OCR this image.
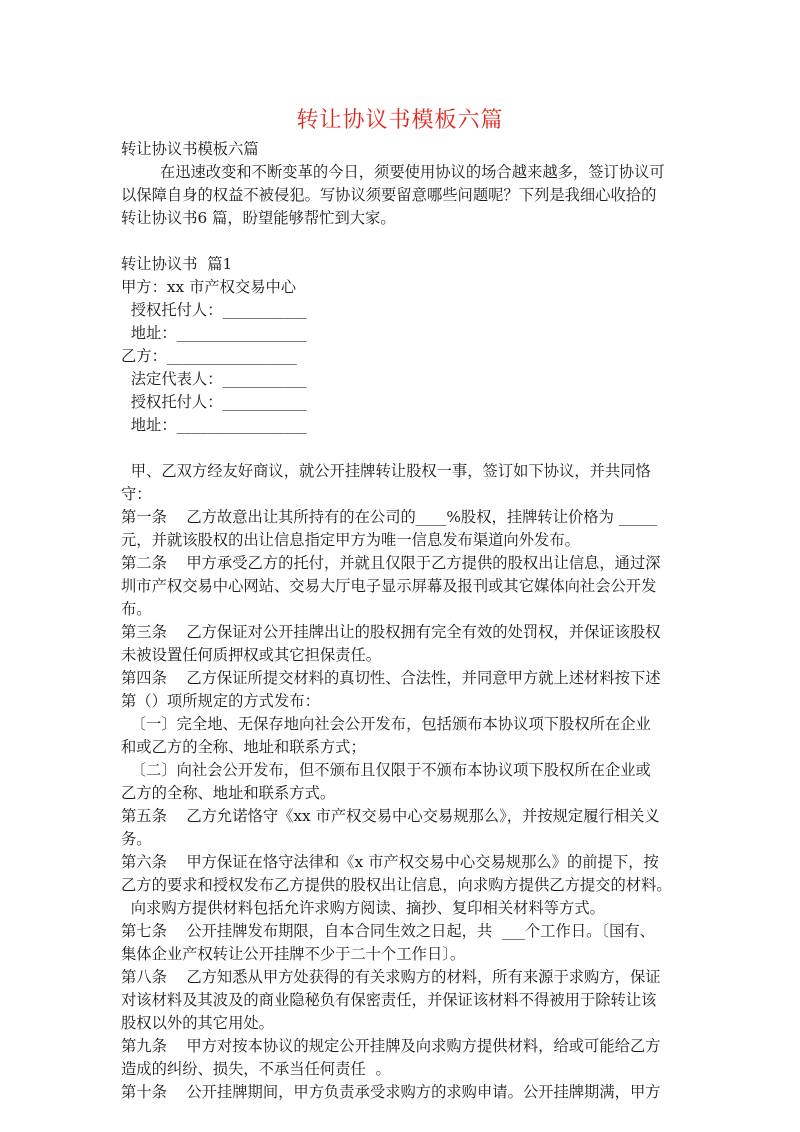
转让协议书模板六篇
转让协议书模板六篇
在迅速改变和不断变革的今日，须要使用协议的场合越来越多，签订协议可
以保障自身的权益不被侵犯。写协议须要留意哪些问题呢？下列是我细心收拾的
转让协议书6 篇，盼望能够帮忙到大家。
转让协议书  篇1
甲方：xx 市产权交易中心
授权托付人：___________
地址：_________________
乙方：_________________
法定代表人：___________
授权托付人：___________
地址：_________________
甲、乙双方经友好商议，就公开挂牌转让股权一事，签订如下协议，并共同恪
守：
第一条    乙方故意出让其所持有的在公司的____%股权，挂牌转让价格为 _____
元，并就该股权的出让信息指定甲方为唯一信息发布渠道向外发布。
第二条    甲方承受乙方的托付，并就且仅限于乙方提供的股权出让信息，通过深
圳市产权交易中心网站、交易大厅电子显示屏幕及报刊或其它媒体向社会公开发
布。
第三条    乙方保证对公开挂牌出让的股权拥有完全有效的处罚权，并保证该股权
未被设置任何质押权或其它担保责任。
第四条    乙方保证所提交材料的真切性、合法性，并同意甲方就上述材料按下述
第（）项所规定的方式发布：
〔一〕完全地、无保存地向社会公开发布，包括颁布本协议项下股权所在企业
和或乙方的全称、地址和联系方式；
〔二〕向社会公开发布，但不颁布且仅限于不颁布本协议项下股权所在企业或
乙方的全称、地址和联系方式。
第五条    乙方允诺恪守《xx 市产权交易中心交易规那么》，并按规定履行相关义
务。
第六条    甲方保证在恪守法律和《x 市产权交易中心交易规那么》的前提下，按
乙方的要求和授权发布乙方提供的股权出让信息，向求购方提供乙方提交的材料。
向求购方提供材料包括允许求购方阅读、摘抄、复印相关材料等方式。
第七条    公开挂牌发布期限，自本合同生效之日起，共  ___个工作日。〔国有、
集体企业产权转让公开挂牌不少于二十个工作日〕。
第八条    乙方知悉从甲方处获得的有关求购方的材料，所有来源于求购方，保证
对该材料及其波及的商业隐秘负有保密责任，并保证该材料不得被用于除转让该
股权以外的其它用处。
第九条    甲方对按本协议的规定公开挂牌及向求购方提供材料，给或可能给乙方
造成的纠纷、损失，不承当任何责任  。
第十条    公开挂牌期间，甲方负责承受求购方的求购申请。公开挂牌期满，甲方
